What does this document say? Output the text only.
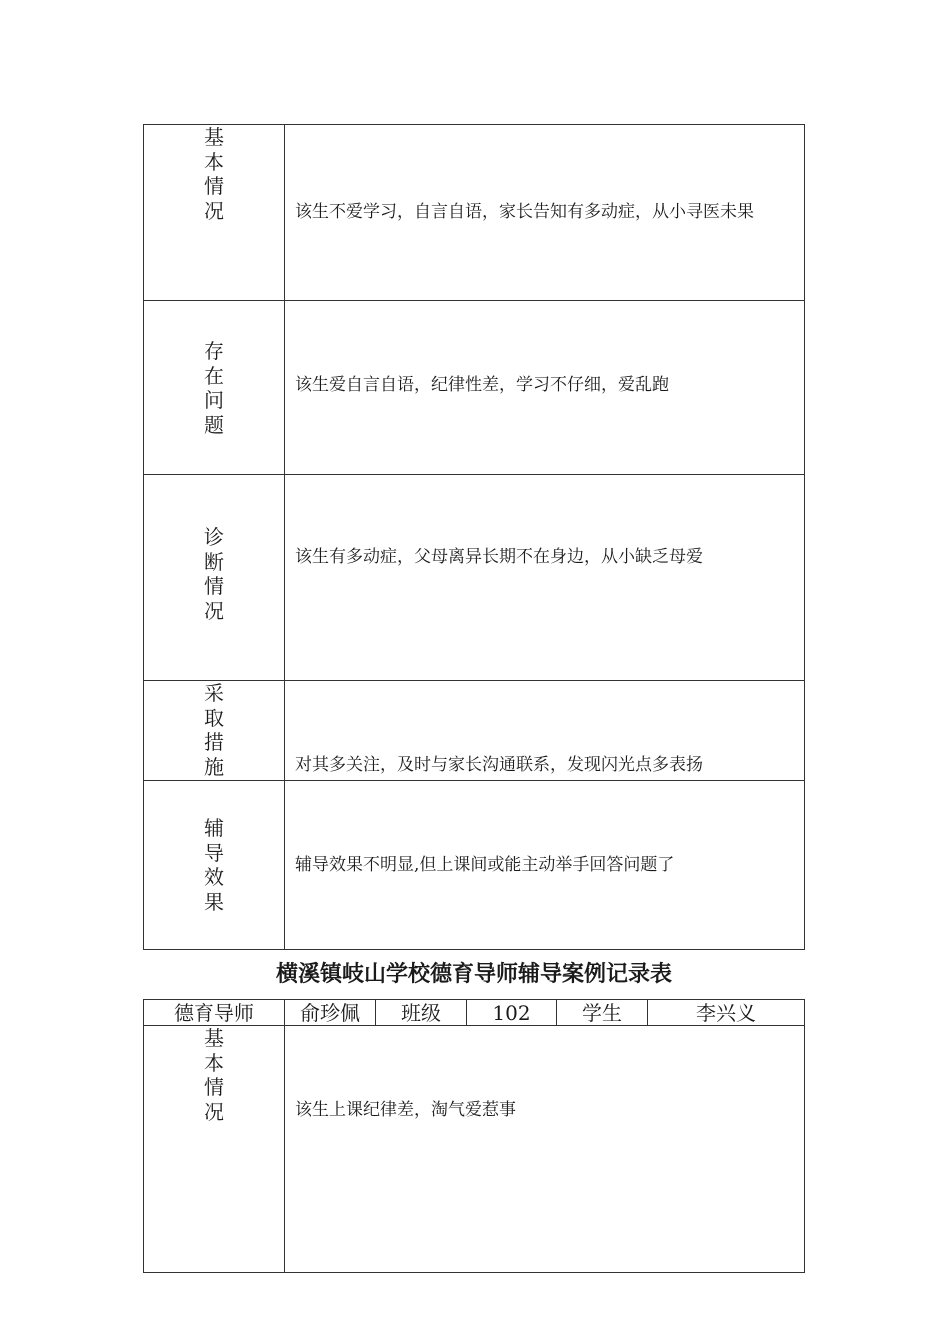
基本情况	该生不爱学习，自言自语，家长告知有多动症，从小寻医未果
存在问题	该生爱自言自语，纪律性差，学习不仔细，爱乱跑
诊断情况	该生有多动症，父母离异长期不在身边，从小缺乏母爱
采取措施	对其多关注，及时与家长沟通联系，发现闪光点多表扬
辅导效果	辅导效果不明显,但上课间或能主动举手回答问题了
横溪镇岐山学校德育导师辅导案例记录表
德育导师	俞珍佩	班级	102	学生	李兴义
基本情况	该生上课纪律差，淘气爱惹事				
